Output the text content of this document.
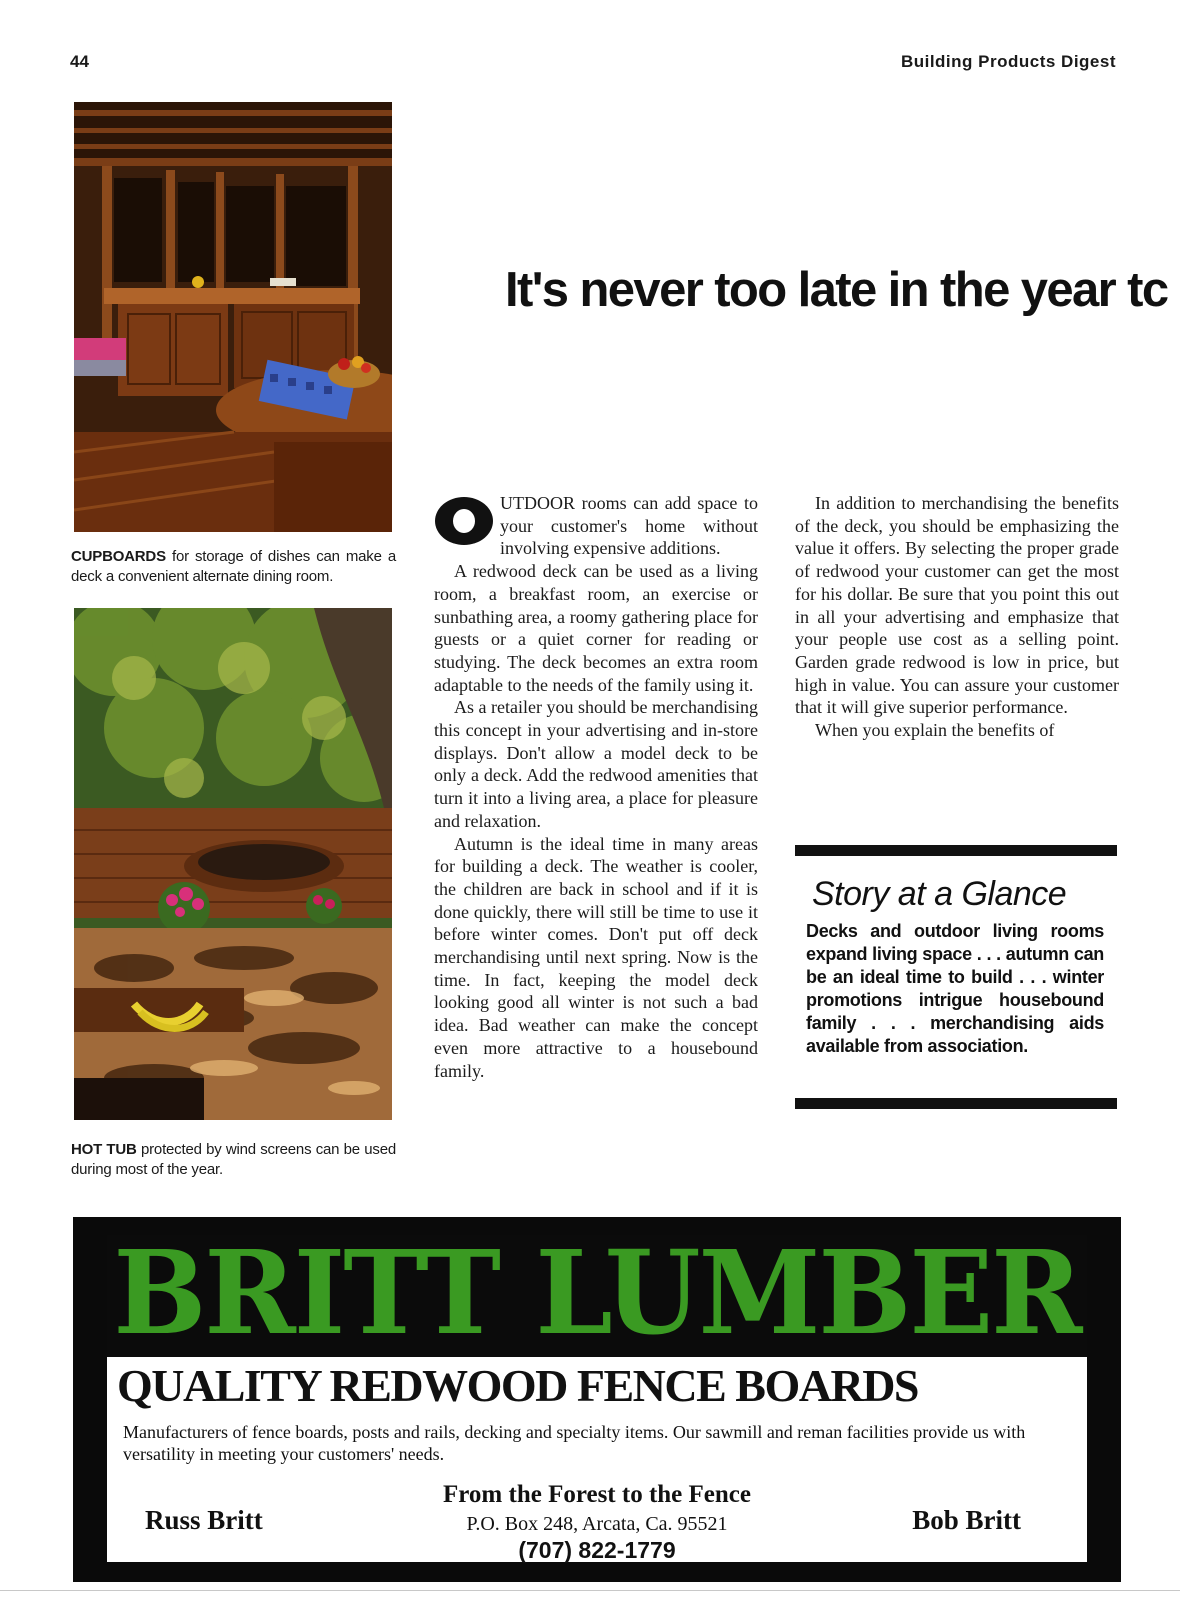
44	Building Products Digest
CUPBOARDS for storage of dishes can make a deck a convenient alternate dining room.
HOT TUB protected by wind screens can be used during most of the year.
It's never too late in the year tc

UTDOOR rooms can add space to your customer's home without involving expensive additions.

A redwood deck can be used as a living room, a breakfast room, an exercise or sunbathing area, a roomy gathering place for guests or a quiet corner for reading or studying. The deck becomes an extra room adaptable to the needs of the family using it.

As a retailer you should be merchandising this concept in your advertising and in-store displays. Don't allow a model deck to be only a deck. Add the redwood amenities that turn it into a living area, a place for pleasure and relaxation.

Autumn is the ideal time in many areas for building a deck. The weather is cooler, the children are back in school and if it is done quickly, there will still be time to use it before winter comes. Don't put off deck merchandising until next spring. Now is the time. In fact, keeping the model deck looking good all winter is not such a bad idea. Bad weather can make the concept even more attractive to a housebound family.

In addition to merchandising the benefits of the deck, you should be emphasizing the value it offers. By selecting the proper grade of redwood your customer can get the most for his dollar. Be sure that you point this out in all your advertising and emphasize that your people use cost as a selling point. Garden grade redwood is low in price, but high in value. You can assure your customer that it will give superior performance.

When you explain the benefits of

Story at a Glance
Decks and outdoor living rooms expand living space . . . autumn can be an ideal time to build . . . winter promotions intrigue housebound family . . . merchandising aids available from association.
BRITT LUMBER
QUALITY REDWOOD FENCE BOARDS
Manufacturers of fence boards, posts and rails, decking and specialty items. Our sawmill and reman facilities provide us with versatility in meeting your customers' needs.
From the Forest to the Fence
P.O. Box 248, Arcata, Ca. 95521
(707) 822-1779
Russ Britt	Bob Britt
